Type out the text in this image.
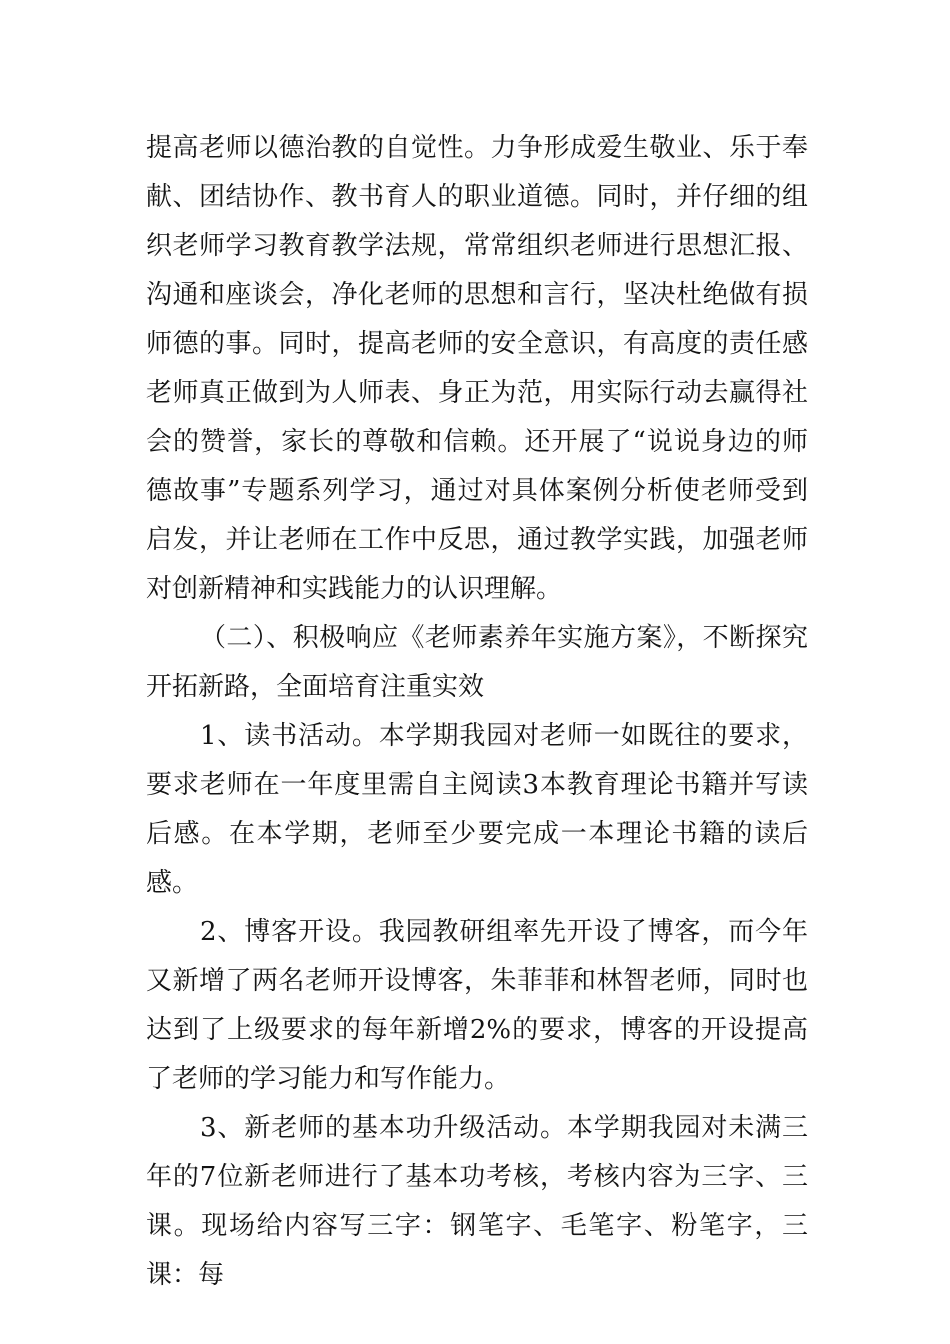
提高老师以德治教的自觉性。力争形成爱生敬业、乐于奉献、团结协作、教书育人的职业道德。同时，并仔细的组织老师学习教育教学法规，常常组织老师进行思想汇报、沟通和座谈会，净化老师的思想和言行，坚决杜绝做有损师德的事。同时，提高老师的安全意识，有高度的责任感老师真正做到为人师表、身正为范，用实际行动去赢得社会的赞誉，家长的尊敬和信赖。还开展了“说说身边的师德故事”专题系列学习，通过对具体案例分析使老师受到启发，并让老师在工作中反思，通过教学实践，加强老师对创新精神和实践能力的认识理解。

（二）、积极响应《老师素养年实施方案》，不断探究开拓新路，全面培育注重实效

1、读书活动。本学期我园对老师一如既往的要求，要求老师在一年度里需自主阅读3本教育理论书籍并写读后感。在本学期，老师至少要完成一本理论书籍的读后感。

2、博客开设。我园教研组率先开设了博客，而今年又新增了两名老师开设博客，朱菲菲和林智老师，同时也达到了上级要求的每年新增2%的要求，博客的开设提高了老师的学习能力和写作能力。

3、新老师的基本功升级活动。本学期我园对未满三年的7位新老师进行了基本功考核，考核内容为三字、三课。现场给内容写三字：钢笔字、毛笔字、粉笔字，三课：每
